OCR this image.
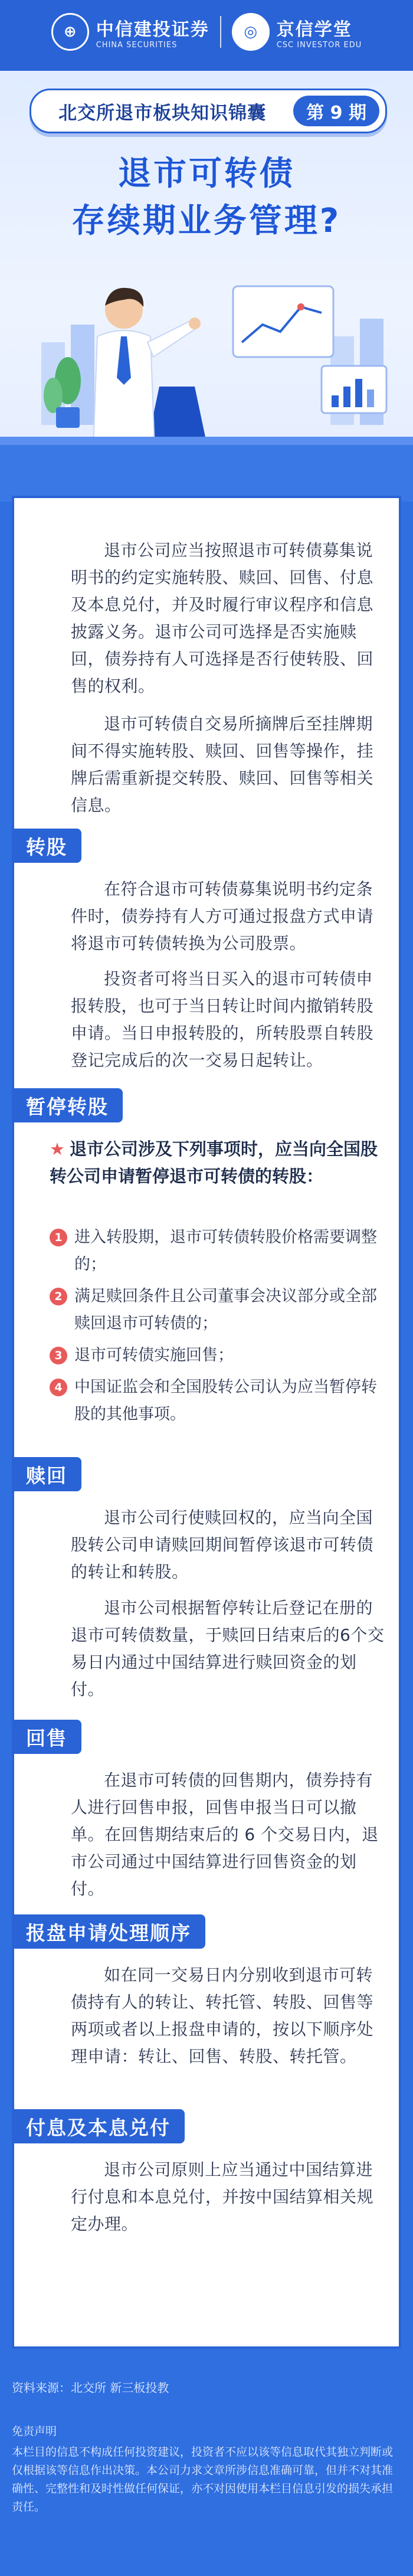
⊕	中信建投证券
CHINA SECURITIES
◎	京信学堂
CSC INVESTOR EDU
北交所退市板块知识锦囊	第 9 期
退市可转债
存续期业务管理?

退市公司应当按照退市可转债募集说明书的约定实施转股、赎回、回售、付息及本息兑付，并及时履行审议程序和信息披露义务。退市公司可选择是否实施赎回，债券持有人可选择是否行使转股、回售的权利。

退市可转债自交易所摘牌后至挂牌期间不得实施转股、赎回、回售等操作，挂牌后需重新提交转股、赎回、回售等相关信息。

转股

在符合退市可转债募集说明书约定条件时，债券持有人方可通过报盘方式申请将退市可转债转换为公司股票。

投资者可将当日买入的退市可转债申报转股，也可于当日转让时间内撤销转股申请。当日申报转股的，所转股票自转股登记完成后的次一交易日起转让。

暂停转股

★ 退市公司涉及下列事项时，应当向全国股转公司申请暂停退市可转债的转股：

1 进入转股期，退市可转债转股价格需要调整的；

2 满足赎回条件且公司董事会决议部分或全部赎回退市可转债的；

3 退市可转债实施回售；

4 中国证监会和全国股转公司认为应当暂停转股的其他事项。

赎回

退市公司行使赎回权的，应当向全国股转公司申请赎回期间暂停该退市可转债的转让和转股。

退市公司根据暂停转让后登记在册的退市可转债数量，于赎回日结束后的6个交易日内通过中国结算进行赎回资金的划付。

回售

在退市可转债的回售期内，债券持有人进行回售申报，回售申报当日可以撤单。在回售期结束后的 6 个交易日内，退市公司通过中国结算进行回售资金的划付。

报盘申请处理顺序

如在同一交易日内分别收到退市可转债持有人的转让、转托管、转股、回售等两项或者以上报盘申请的，按以下顺序处理申请：转让、回售、转股、转托管。

付息及本息兑付

退市公司原则上应当通过中国结算进行付息和本息兑付，并按中国结算相关规定办理。

资料来源：北交所 新三板投教
免责声明

本栏目的信息不构成任何投资建议，投资者不应以该等信息取代其独立判断或仅根据该等信息作出决策。本公司力求文章所涉信息准确可靠，但并不对其准确性、完整性和及时性做任何保证，亦不对因使用本栏目信息引发的损失承担责任。
